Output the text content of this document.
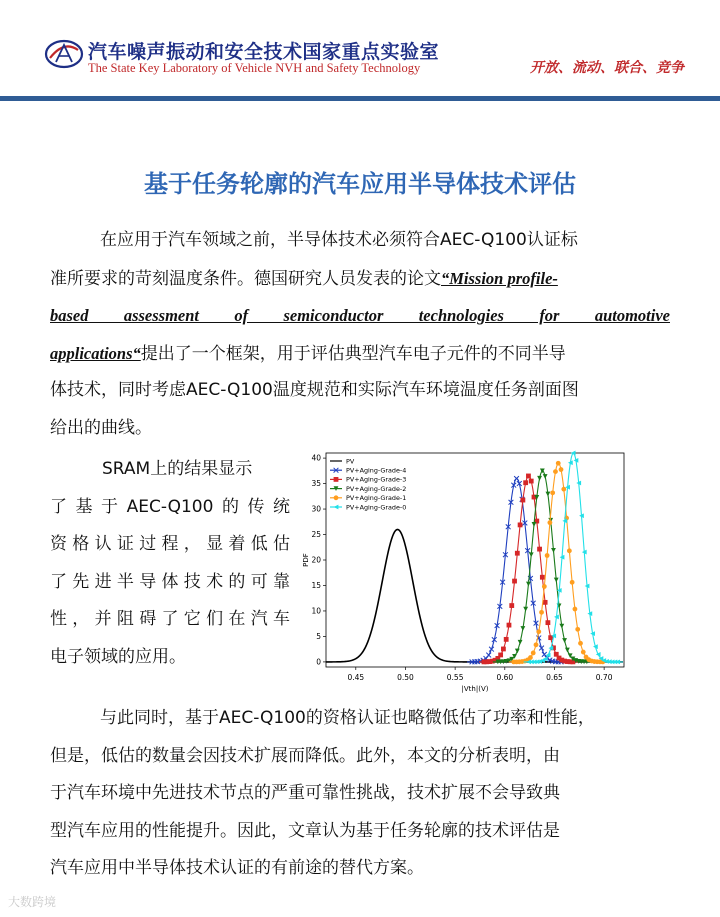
汽车噪声振动和安全技术国家重点实验室
The State Key Laboratory of Vehicle NVH and Safety Technology	开放、流动、联合、竞争
基于任务轮廓的汽车应用半导体技术评估
在应用于汽车领域之前，半导体技术必须符合AEC-Q100认证标
准所要求的苛刻温度条件。德国研究人员发表的论文“Mission profile-
based assessment of semiconductor technologies for automotive
applications“提出了一个框架，用于评估典型汽车电子元件的不同半导
体技术，同时考虑AEC-Q100温度规范和实际汽车环境温度任务剖面图
给出的曲线。
SRAM上的结果显示
了基于AEC-Q100的传统
资格认证过程，显着低估
了先进半导体技术的可靠
性，并阻碍了它们在汽车
电子领域的应用。
0.45	0.50	0.55	0.60	0.65	0.70
0
5
10
15
20
25
30
35
40
|Vth|(V)
PDF
PV
PV+Aging-Grade-4
PV+Aging-Grade-3
PV+Aging-Grade-2
PV+Aging-Grade-1
PV+Aging-Grade-0
与此同时，基于AEC-Q100的资格认证也略微低估了功率和性能，
但是，低估的数量会因技术扩展而降低。此外，本文的分析表明，由
于汽车环境中先进技术节点的严重可靠性挑战，技术扩展不会导致典
型汽车应用的性能提升。因此，文章认为基于任务轮廓的技术评估是
汽车应用中半导体技术认证的有前途的替代方案。
大数跨境
